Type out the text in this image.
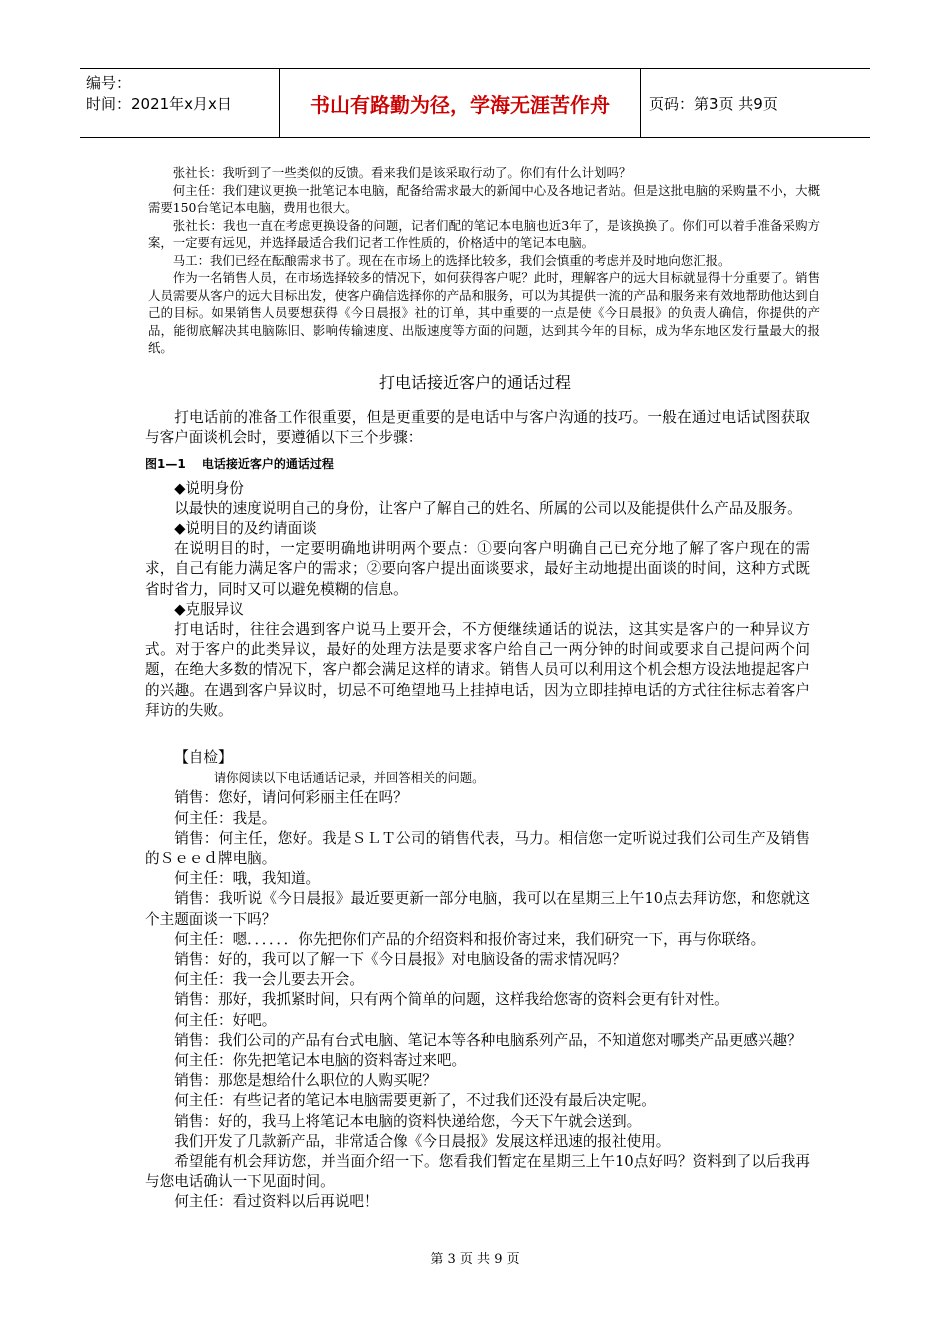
编号：
时间：2021年x月x日	书山有路勤为径，学海无涯苦作舟	页码：第3页 共9页

张社长：我听到了一些类似的反馈。看来我们是该采取行动了。你们有什么计划吗？

何主任：我们建议更换一批笔记本电脑，配备给需求最大的新闻中心及各地记者站。但是这批电脑的采购量不小，大概需要150台笔记本电脑，费用也很大。

张社长：我也一直在考虑更换设备的问题，记者们配的笔记本电脑也近3年了，是该换换了。你们可以着手准备采购方案，一定要有远见，并选择最适合我们记者工作性质的，价格适中的笔记本电脑。

马工：我们已经在酝酿需求书了。现在在市场上的选择比较多，我们会慎重的考虑并及时地向您汇报。

作为一名销售人员，在市场选择较多的情况下，如何获得客户呢？此时，理解客户的远大目标就显得十分重要了。销售人员需要从客户的远大目标出发，使客户确信选择你的产品和服务，可以为其提供一流的产品和服务来有效地帮助他达到自己的目标。如果销售人员要想获得《今日晨报》社的订单，其中重要的一点是使《今日晨报》的负责人确信，你提供的产品，能彻底解决其电脑陈旧、影响传输速度、出版速度等方面的问题，达到其今年的目标，成为华东地区发行量最大的报纸。

打电话接近客户的通话过程

打电话前的准备工作很重要，但是更重要的是电话中与客户沟通的技巧。一般在通过电话试图获取与客户面谈机会时，要遵循以下三个步骤：

图1—1　 电话接近客户的通话过程

◆说明身份

以最快的速度说明自己的身份，让客户了解自己的姓名、所属的公司以及能提供什么产品及服务。

◆说明目的及约请面谈

在说明目的时，一定要明确地讲明两个要点：①要向客户明确自己已充分地了解了客户现在的需求，自己有能力满足客户的需求；②要向客户提出面谈要求，最好主动地提出面谈的时间，这种方式既省时省力，同时又可以避免模糊的信息。

◆克服异议

打电话时，往往会遇到客户说马上要开会，不方便继续通话的说法，这其实是客户的一种异议方式。对于客户的此类异议，最好的处理方法是要求客户给自己一两分钟的时间或要求自己提问两个问题，在绝大多数的情况下，客户都会满足这样的请求。销售人员可以利用这个机会想方设法地提起客户的兴趣。在遇到客户异议时，切忌不可绝望地马上挂掉电话，因为立即挂掉电话的方式往往标志着客户拜访的失败。

【自检】

请你阅读以下电话通话记录，并回答相关的问题。

销售：您好，请问何彩丽主任在吗？

何主任：我是。

销售：何主任，您好。我是ＳＬＴ公司的销售代表，马力。相信您一定听说过我们公司生产及销售的Ｓｅｅｄ牌电脑。

何主任：哦，我知道。

销售：我听说《今日晨报》最近要更新一部分电脑，我可以在星期三上午10点去拜访您，和您就这个主题面谈一下吗？

何主任：嗯．．．．．．你先把你们产品的介绍资料和报价寄过来，我们研究一下，再与你联络。

销售：好的，我可以了解一下《今日晨报》对电脑设备的需求情况吗？

何主任：我一会儿要去开会。

销售：那好，我抓紧时间，只有两个简单的问题，这样我给您寄的资料会更有针对性。

何主任：好吧。

销售：我们公司的产品有台式电脑、笔记本等各种电脑系列产品，不知道您对哪类产品更感兴趣？

何主任：你先把笔记本电脑的资料寄过来吧。

销售：那您是想给什么职位的人购买呢？

何主任：有些记者的笔记本电脑需要更新了，不过我们还没有最后决定呢。

销售：好的，我马上将笔记本电脑的资料快递给您，今天下午就会送到。

我们开发了几款新产品，非常适合像《今日晨报》发展这样迅速的报社使用。

希望能有机会拜访您，并当面介绍一下。您看我们暂定在星期三上午10点好吗？资料到了以后我再与您电话确认一下见面时间。

何主任：看过资料以后再说吧！

第 3 页 共 9 页
